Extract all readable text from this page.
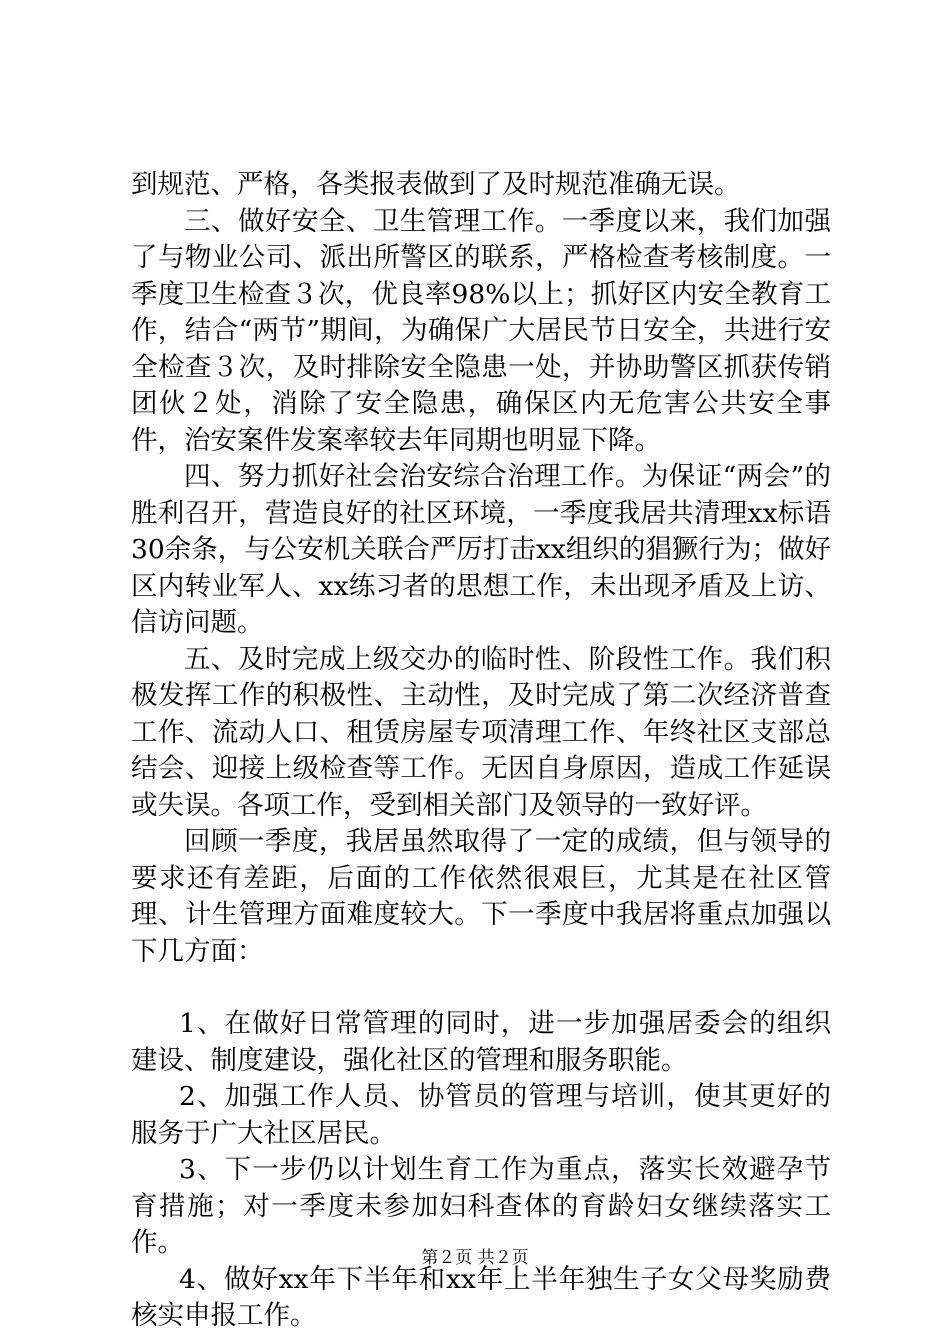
到规范、严格，各类报表做到了及时规范准确无误。

三、做好安全、卫生管理工作。一季度以来，我们加强了与物业公司、派出所警区的联系，严格检查考核制度。一季度卫生检查３次，优良率98%以上；抓好区内安全教育工作，结合“两节”期间，为确保广大居民节日安全，共进行安全检查３次，及时排除安全隐患一处，并协助警区抓获传销团伙２处，消除了安全隐患，确保区内无危害公共安全事件，治安案件发案率较去年同期也明显下降。

四、努力抓好社会治安综合治理工作。为保证“两会”的胜利召开，营造良好的社区环境，一季度我居共清理xx标语30余条，与公安机关联合严厉打击xx组织的猖獗行为；做好区内转业军人、xx练习者的思想工作，未出现矛盾及上访、信访问题。

五、及时完成上级交办的临时性、阶段性工作。我们积极发挥工作的积极性、主动性，及时完成了第二次经济普查工作、流动人口、租赁房屋专项清理工作、年终社区支部总结会、迎接上级检查等工作。无因自身原因，造成工作延误或失误。各项工作，受到相关部门及领导的一致好评。

回顾一季度，我居虽然取得了一定的成绩，但与领导的要求还有差距，后面的工作依然很艰巨，尤其是在社区管理、计生管理方面难度较大。下一季度中我居将重点加强以下几方面：

1、在做好日常管理的同时，进一步加强居委会的组织建设、制度建设，强化社区的管理和服务职能。

2、加强工作人员、协管员的管理与培训，使其更好的服务于广大社区居民。

3、下一步仍以计划生育工作为重点，落实长效避孕节育措施；对一季度未参加妇科查体的育龄妇女继续落实工作。

4、做好xx年下半年和xx年上半年独生子女父母奖励费核实申报工作。

第２页 共２页
